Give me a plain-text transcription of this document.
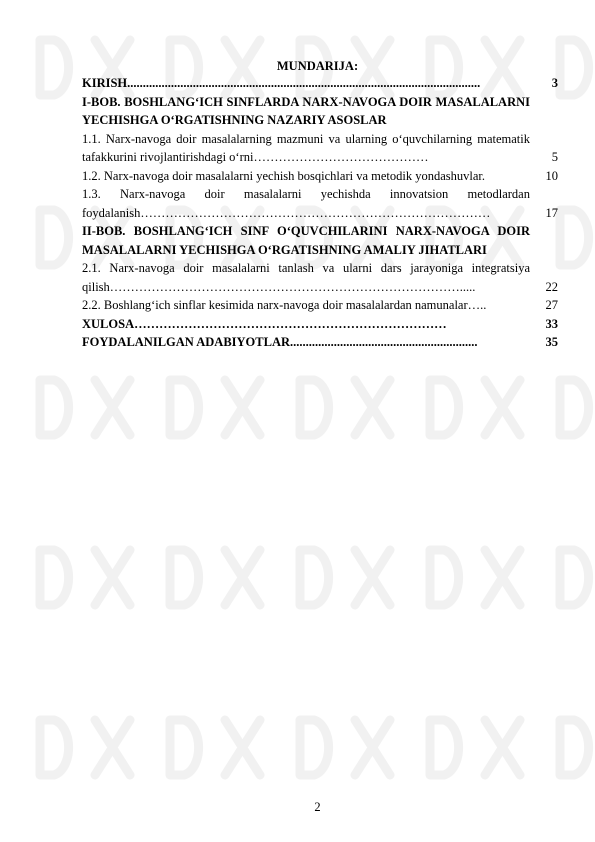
MUNDARIJA:
KIRISH.................................................................................................................	3
I-BOB. BOSHLANG‘ICH SINFLARDA NARX-NAVOGA DOIR MASALALARNI YECHISHGA O‘RGATISHNING NAZARIY ASOSLAR
1.1. Narx-navoga doir masalalarning mazmuni va ularning o‘quvchilarning matematik tafakkurini rivojlantirishdagi o‘rni……………………………………	5
1.2. Narx-navoga doir masalalarni yechish bosqichlari va metodik yondashuvlar.	10
1.3. Narx-navoga doir masalalarni yechishda innovatsion metodlardan foydalanish…………………………………………………………………………	17
II-BOB. BOSHLANG‘ICH SINF O‘QUVCHILARINI NARX-NAVOGA DOIR MASALALARNI YECHISHGA O‘RGATISHNING AMALIY JIHATLARI
2.1. Narx-navoga doir masalalarni tanlash va ularni dars jarayoniga integratsiya qilish………………………………………………………………………….....	22
2.2. Boshlang‘ich sinflar kesimida narx-navoga doir masalalardan namunalar…..	27
XULOSA…………………………………………………………………	33
FOYDALANILGAN ADABIYOTLAR............................................................	35
2
